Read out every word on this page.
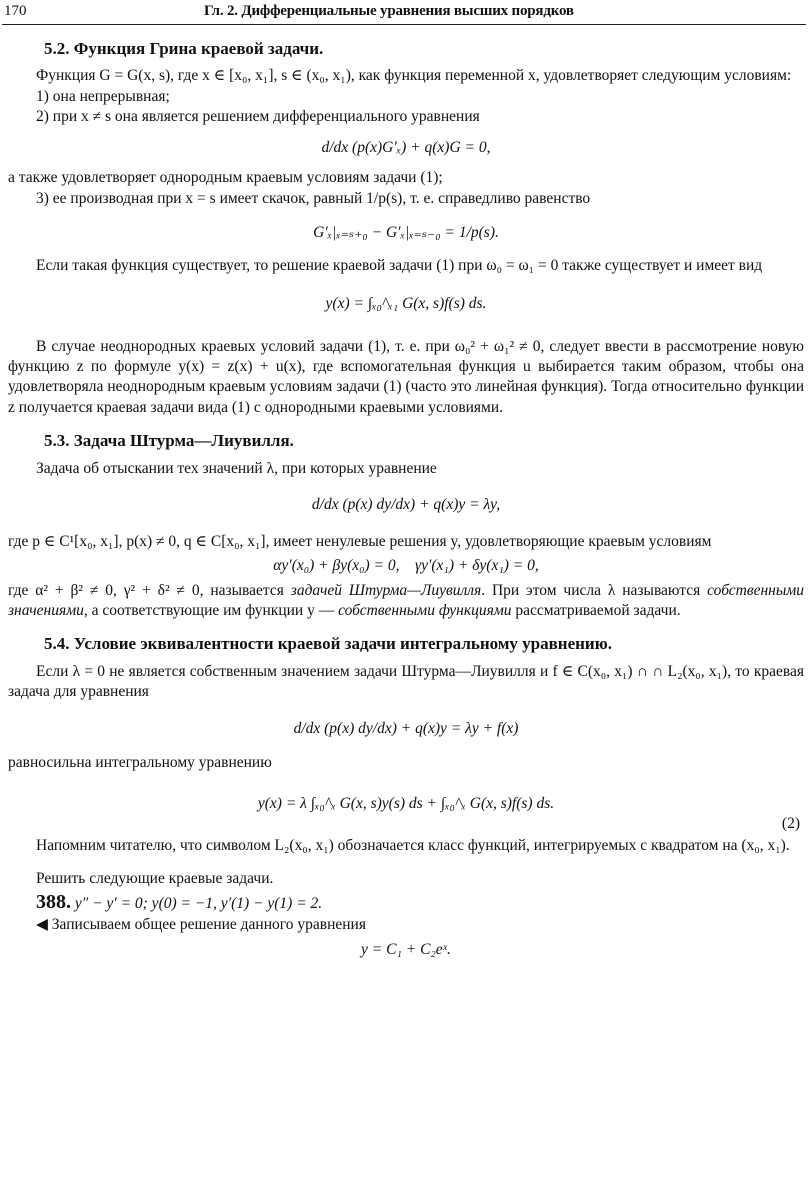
170	Гл. 2. Дифференциальные уравнения высших порядков
5.2. Функция Грина краевой задачи.

Функция G = G(x, s), где x ∈ [x₀, x₁], s ∈ (x₀, x₁), как функция переменной x, удовлетворяет следующим условиям:

1) она непрерывная;

2) при x ≠ s она является решением дифференциального уравнения

d/dx (p(x)G′ₓ) + q(x)G = 0,

а также удовлетворяет однородным краевым условиям задачи (1);

3) ее производная при x = s имеет скачок, равный 1/p(s), т. е. справедливо равенство

G′ₓ|ₓ₌ₛ₊₀ − G′ₓ|ₓ₌ₛ₋₀ = 1/p(s).

Если такая функция существует, то решение краевой задачи (1) при ω₀ = ω₁ = 0 также существует и имеет вид

y(x) = ∫ₓ₀^ₓ₁ G(x, s)f(s) ds.

В случае неоднородных краевых условий задачи (1), т. е. при ω₀² + ω₁² ≠ 0, следует ввести в рассмотрение новую функцию z по формуле y(x) = z(x) + u(x), где вспомогательная функция u выбирается таким образом, чтобы она удовлетворяла неоднородным краевым условиям задачи (1) (часто это линейная функция). Тогда относительно функции z получается краевая задачи вида (1) с однородными краевыми условиями.

5.3. Задача Штурма—Лиувилля.

Задача об отыскании тех значений λ, при которых уравнение

d/dx (p(x) dy/dx) + q(x)y = λy,

где p ∈ C¹[x₀, x₁], p(x) ≠ 0, q ∈ C[x₀, x₁], имеет ненулевые решения y, удовлетворяющие краевым условиям

αy′(x₀) + βy(x₀) = 0,    γy′(x₁) + δy(x₁) = 0,

где α² + β² ≠ 0, γ² + δ² ≠ 0, называется задачей Штурма—Лиувилля. При этом числа λ называются собственными значениями, а соответствующие им функции y — собственными функциями рассматриваемой задачи.

5.4. Условие эквивалентности краевой задачи интегральному уравнению.

Если λ = 0 не является собственным значением задачи Штурма—Лиувилля и f ∈ C(x₀, x₁) ∩ ∩ L₂(x₀, x₁), то краевая задача для уравнения

d/dx (p(x) dy/dx) + q(x)y = λy + f(x)

равносильна интегральному уравнению

y(x) = λ ∫ₓ₀^ₓ G(x, s)y(s) ds + ∫ₓ₀^ₓ G(x, s)f(s) ds.
(2)

Напомним читателю, что символом L₂(x₀, x₁) обозначается класс функций, интегрируемых с квадратом на (x₀, x₁).

Решить следующие краевые задачи.

388. y″ − y′ = 0; y(0) = −1, y′(1) − y(1) = 2.

◀ Записываем общее решение данного уравнения

y = C₁ + C₂eˣ.
